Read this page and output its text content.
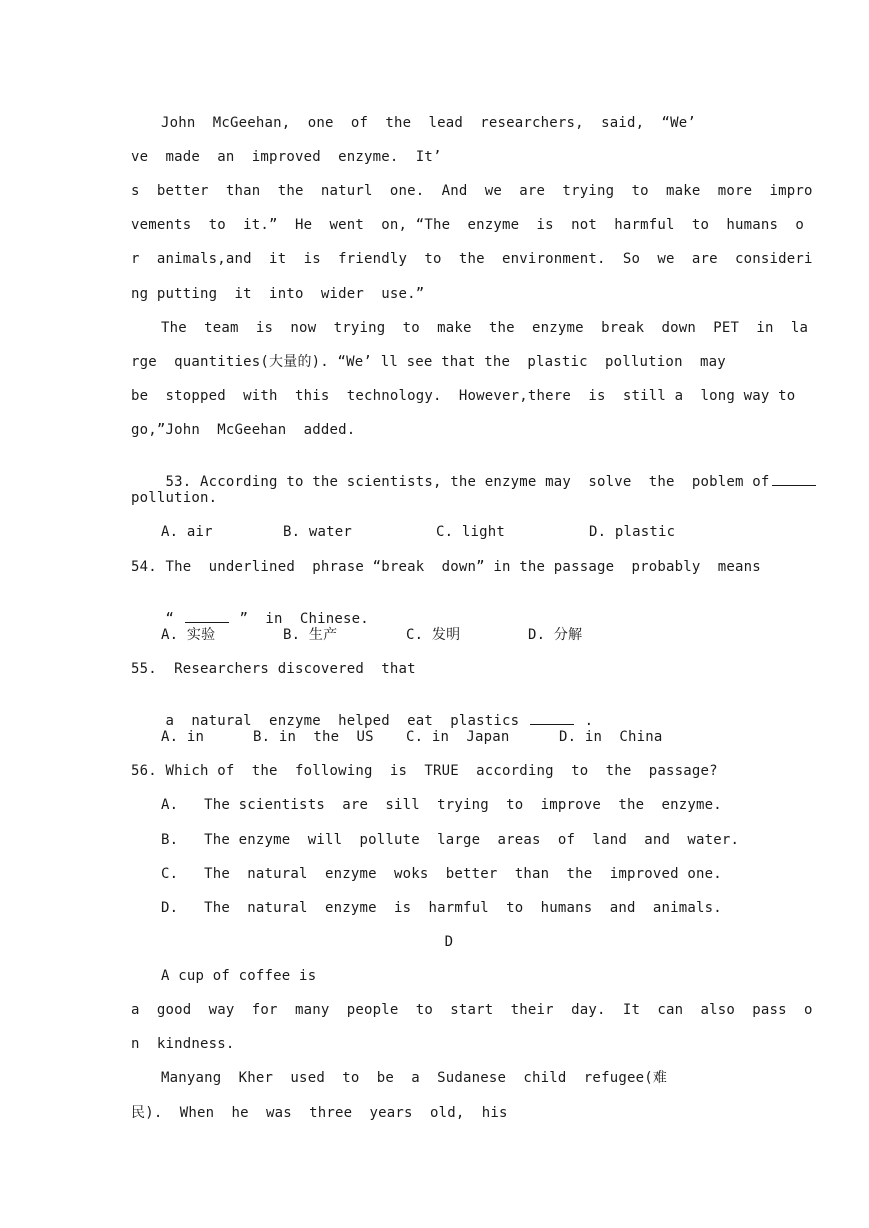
John  McGeehan,  one  of  the  lead  researchers,  said,  “We’
ve  made  an  improved  enzyme.  It’
s  better  than  the  naturl  one.  And  we  are  trying  to  make  more  impro
vements  to  it.”  He  went  on, “The  enzyme  is  not  harmful  to  humans  o
r  animals,and  it  is  friendly  to  the  environment.  So  we  are  consideri
ng putting  it  into  wider  use.”
The  team  is  now  trying  to  make  the  enzyme  break  down  PET  in  la
rge  quantities(大量的). “We’ ll see that the  plastic  pollution  may
be  stopped  with  this  technology.  However,there  is  still a  long way to
go,”John  McGeehan  added.

53. According to the scientists, the enzyme may  solve  the  poblem of

pollution.
A. air	B. water	C. light	D. plastic
54. The  underlined  phrase “break  down” in the passage  probably  means

“	”  in  Chinese.

A. 实验	B. 生产	C. 发明	D. 分解
55.  Researchers discovered  that

a  natural  enzyme  helped  eat  plastics	.

A. in	B. in  the  US C. in  Japan	D. in  China
56. Which of  the  following  is  TRUE  according  to  the  passage?
A.   The scientists  are  sill  trying  to  improve  the  enzyme.
B.   The enzyme  will  pollute  large  areas  of  land  and  water.
C.   The  natural  enzyme  woks  better  than  the  improved one.
D.   The  natural  enzyme  is  harmful  to  humans  and  animals.
D
A cup of coffee is
a  good  way  for  many  people  to  start  their  day.  It  can  also  pass  o
n  kindness.
Manyang  Kher  used  to  be  a  Sudanese  child  refugee(难
民).  When  he  was  three  years  old,  his
